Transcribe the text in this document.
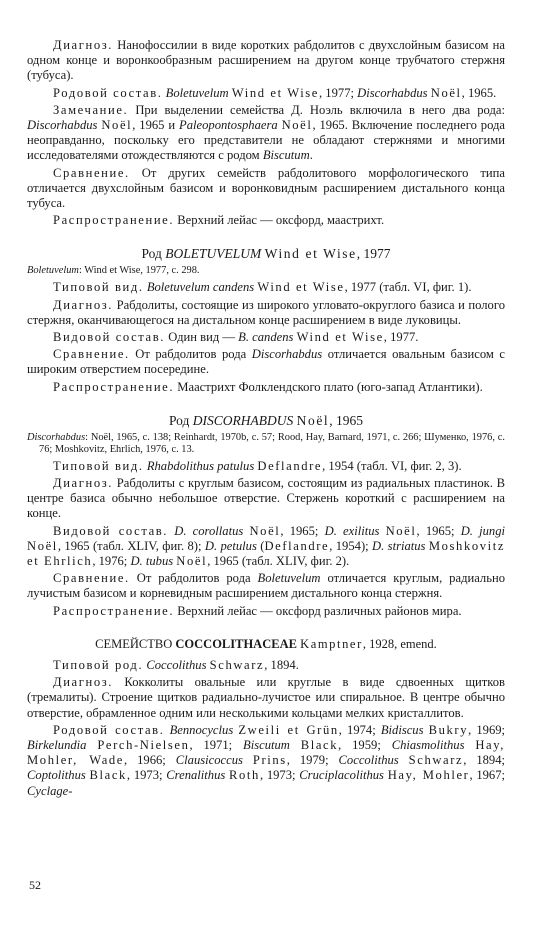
Диагноз. Нанофоссилии в виде коротких рабдолитов с двухслойным базисом на одном конце и воронкообразным расширением на другом конце трубчатого стержня (тубуса).

Родовой состав. Boletuvelum Wind et Wise, 1977; Discorhabdus Noël, 1965.

Замечание. При выделении семейства Д. Ноэль включила в него два рода: Discorhabdus Noël, 1965 и Paleopontosphaera Noël, 1965. Включение последнего рода неоправданно, поскольку его представители не обладают стержнями и многими исследователями отождествляются с родом Biscutum.

Сравнение. От других семейств рабдолитового морфологического типа отличается двухслойным базисом и воронковидным расширением дистального конца тубуса.

Распространение. Верхний лейас — оксфорд, маастрихт.

Род BOLETUVELUM Wind et Wise, 1977

Boletuvelum: Wind et Wise, 1977, с. 298.

Типовой вид. Boletuvelum candens Wind et Wise, 1977 (табл. VI, фиг. 1).

Диагноз. Рабдолиты, состоящие из широкого угловато-округлого базиса и полого стержня, оканчивающегося на дистальном конце расширением в виде луковицы.

Видовой состав. Один вид — B. candens Wind et Wise, 1977.

Сравнение. От рабдолитов рода Discorhabdus отличается овальным базисом с широким отверстием посередине.

Распространение. Маастрихт Фолклендского плато (юго-запад Атлантики).

Род DISCORHABDUS Noël, 1965

Discorhabdus: Noël, 1965, с. 138; Reinhardt, 1970b, с. 57; Rood, Hay, Barnard, 1971, с. 266; Шуменко, 1976, с. 76; Moshkovitz, Ehrlich, 1976, с. 13.

Типовой вид. Rhabdolithus patulus Deflandre, 1954 (табл. VI, фиг. 2, 3).

Диагноз. Рабдолиты с круглым базисом, состоящим из радиальных пластинок. В центре базиса обычно небольшое отверстие. Стержень короткий с расширением на конце.

Видовой состав. D. corollatus Noël, 1965; D. exilitus Noël, 1965; D. jungi Noël, 1965 (табл. XLIV, фиг. 8); D. petulus (Deflandre, 1954); D. striatus Moshkovitz et Ehrlich, 1976; D. tubus Noël, 1965 (табл. XLIV, фиг. 2).

Сравнение. От рабдолитов рода Boletuvelum отличается круглым, радиально лучистым базисом и корневидным расширением дистального конца стержня.

Распространение. Верхний лейас — оксфорд различных районов мира.

СЕМЕЙСТВО COCCOLITHACEAE Kamptner, 1928, emend.

Типовой род. Coccolithus Schwarz, 1894.

Диагноз. Кокколиты овальные или круглые в виде сдвоенных щитков (тремалиты). Строение щитков радиально-лучистое или спиральное. В центре обычно отверстие, обрамленное одним или несколькими кольцами мелких кристаллитов.

Родовой состав. Bennocyclus Zweili et Grün, 1974; Bidiscus Bukry, 1969; Birkelundia Perch-Nielsen, 1971; Biscutum Black, 1959; Chiasmolithus Hay, Mohler, Wade, 1966; Clausicoccus Prins, 1979; Coccolithus Schwarz, 1894; Coptolithus Black, 1973; Crenalithus Roth, 1973; Cruciplacolithus Hay, Mohler, 1967; Cyclage-

52
